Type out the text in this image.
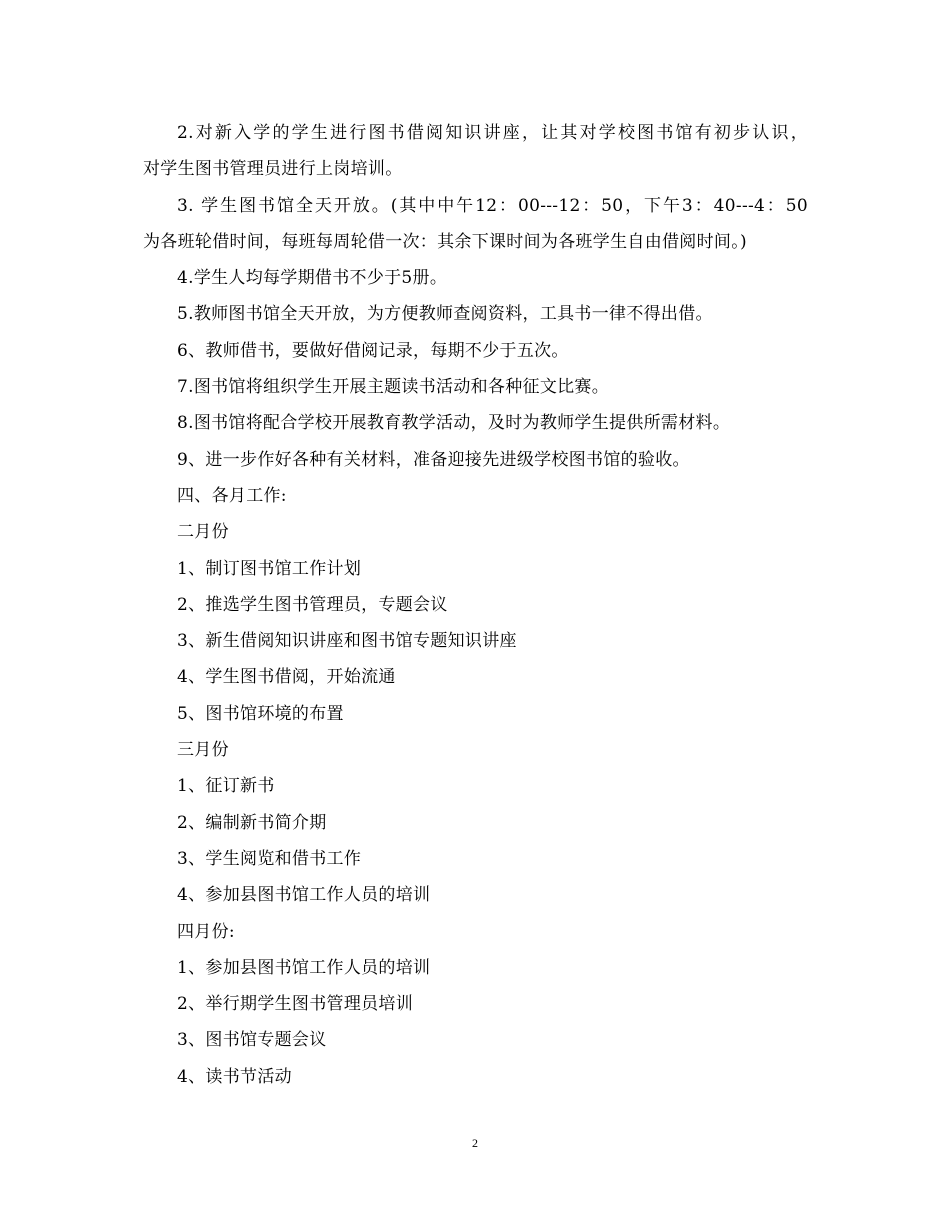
2.对新入学的学生进行图书借阅知识讲座，让其对学校图书馆有初步认识，
对学生图书管理员进行上岗培训。
3. 学生图书馆全天开放。(其中中午12：00---12：50，下午3：40---4：50
为各班轮借时间，每班每周轮借一次：其余下课时间为各班学生自由借阅时间。)
4.学生人均每学期借书不少于5册。
5.教师图书馆全天开放，为方便教师查阅资料，工具书一律不得出借。
6、教师借书，要做好借阅记录，每期不少于五次。
7.图书馆将组织学生开展主题读书活动和各种征文比赛。
8.图书馆将配合学校开展教育教学活动，及时为教师学生提供所需材料。
9、进一步作好各种有关材料，准备迎接先进级学校图书馆的验收。
四、各月工作:
二月份
1、制订图书馆工作计划
2、推选学生图书管理员，专题会议
3、新生借阅知识讲座和图书馆专题知识讲座
4、学生图书借阅，开始流通
5、图书馆环境的布置
三月份
1、征订新书
2、编制新书简介期
3、学生阅览和借书工作
4、参加县图书馆工作人员的培训
四月份:
1、参加县图书馆工作人员的培训
2、举行期学生图书管理员培训
3、图书馆专题会议
4、读书节活动
2
